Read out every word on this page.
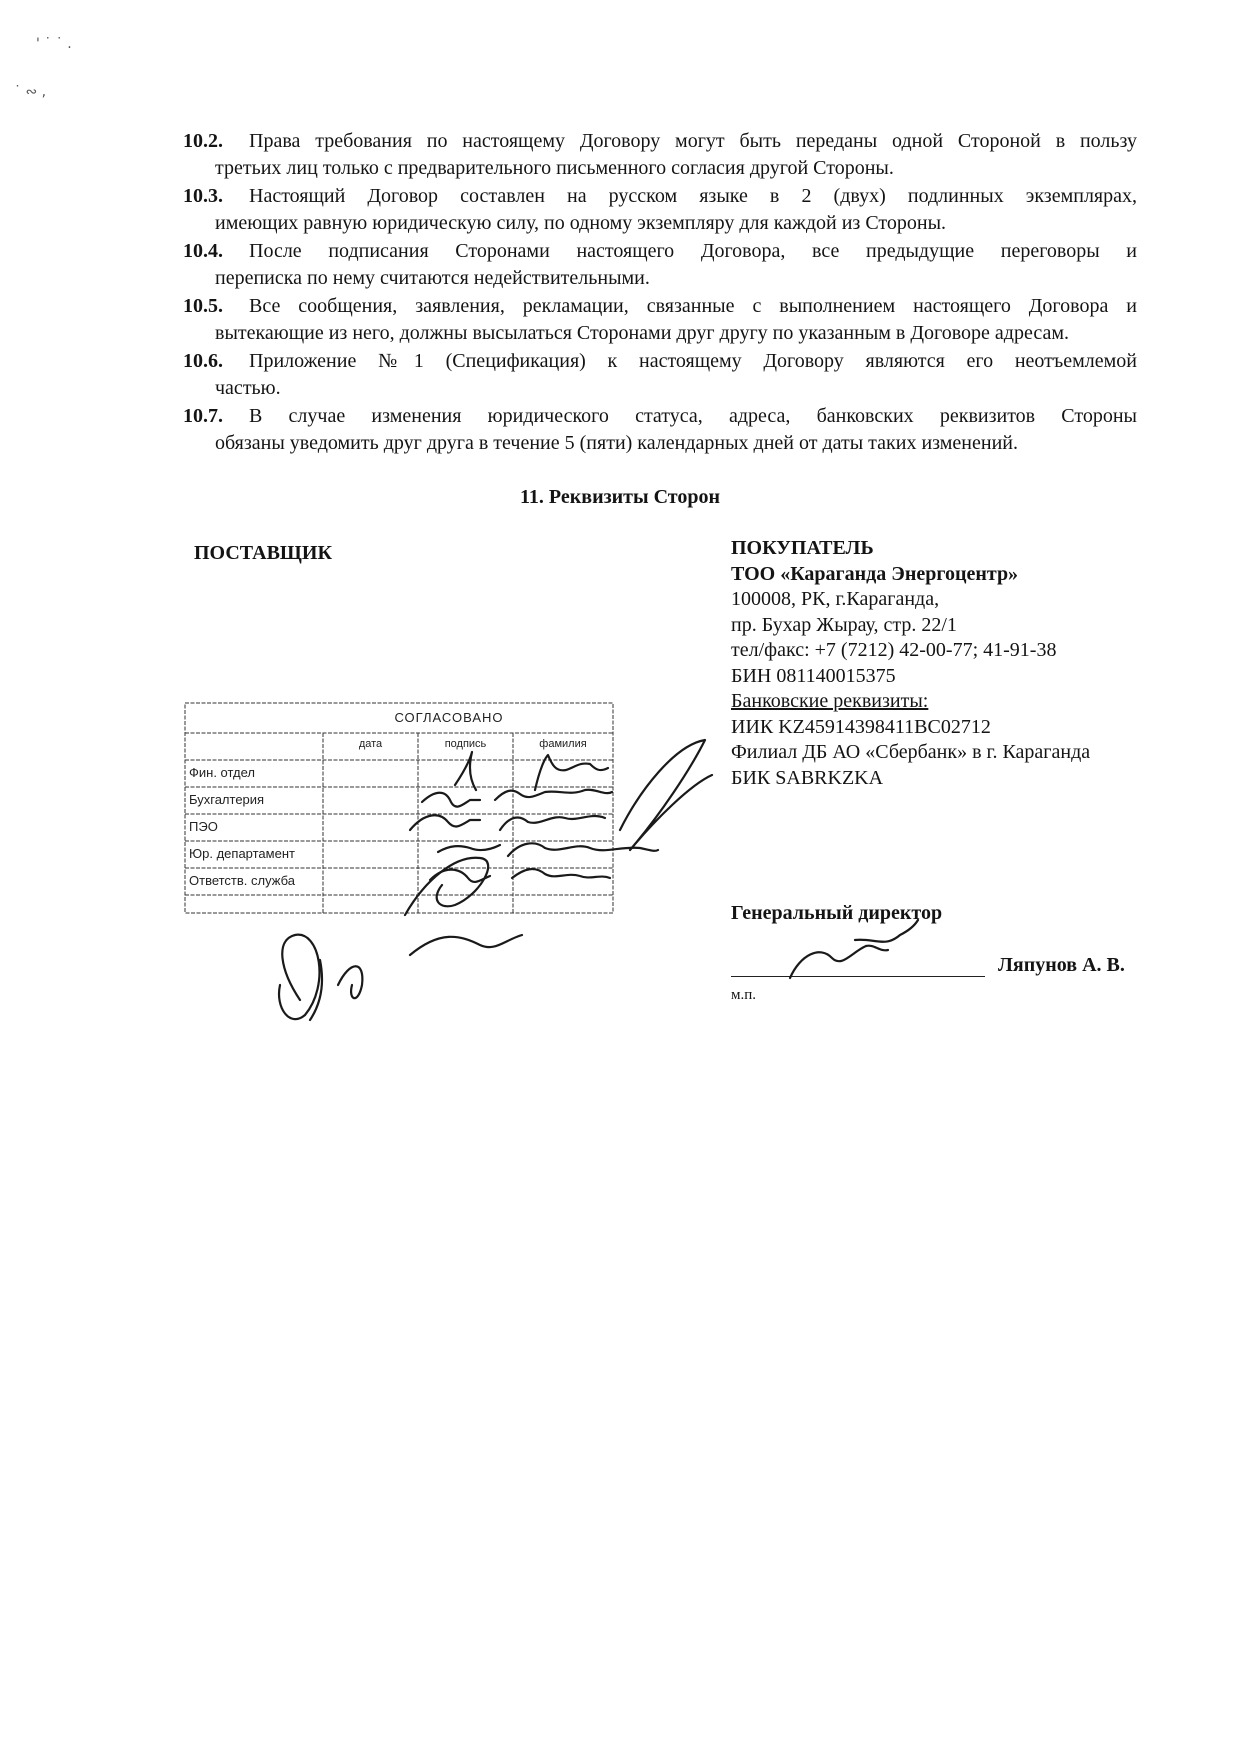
' ˙ ˙ .
˙ ∾ ,
10.2.	Права требования по настоящему Договору могут быть переданы одной Стороной в пользу
третьих лиц только с предварительного письменного согласия другой Стороны.
10.3.	Настоящий Договор составлен на русском языке в 2 (двух) подлинных экземплярах,
имеющих равную юридическую силу, по одному экземпляру для каждой из Стороны.
10.4.	После подписания Сторонами настоящего Договора, все предыдущие переговоры и
переписка по нему считаются недействительными.
10.5.	Все сообщения, заявления, рекламации, связанные с выполнением настоящего Договора и
вытекающие из него, должны высылаться Сторонами друг другу по указанным в Договоре адресам.
10.6.	Приложение №1 (Спецификация) к настоящему Договору являются его неотъемлемой
частью.
10.7.	В случае изменения юридического статуса, адреса, банковских реквизитов Стороны
обязаны уведомить друг друга в течение 5 (пяти) календарных дней от даты таких изменений.
11. Реквизиты Сторон
ПОСТАВЩИК	ПОКУПАТЕЛЬ
ТОО «Караганда Энергоцентр»
100008, РК, г.Караганда,
пр. Бухар Жырау, стр. 22/1
тел/факс: +7 (7212) 42-00-77; 41-91-38
БИН 081140015375
Банковские реквизиты:
ИИК KZ45914398411BC02712
Филиал ДБ АО «Сбербанк» в г. Караганда
БИК SABRKZKA
СОГЛАСОВАНО
дата	подпись	фамилия
Фин. отдел
Бухгалтерия
ПЭО
Юр. департамент
Ответств. служба
Генеральный директор
Ляпунов А. В.
м.п.
